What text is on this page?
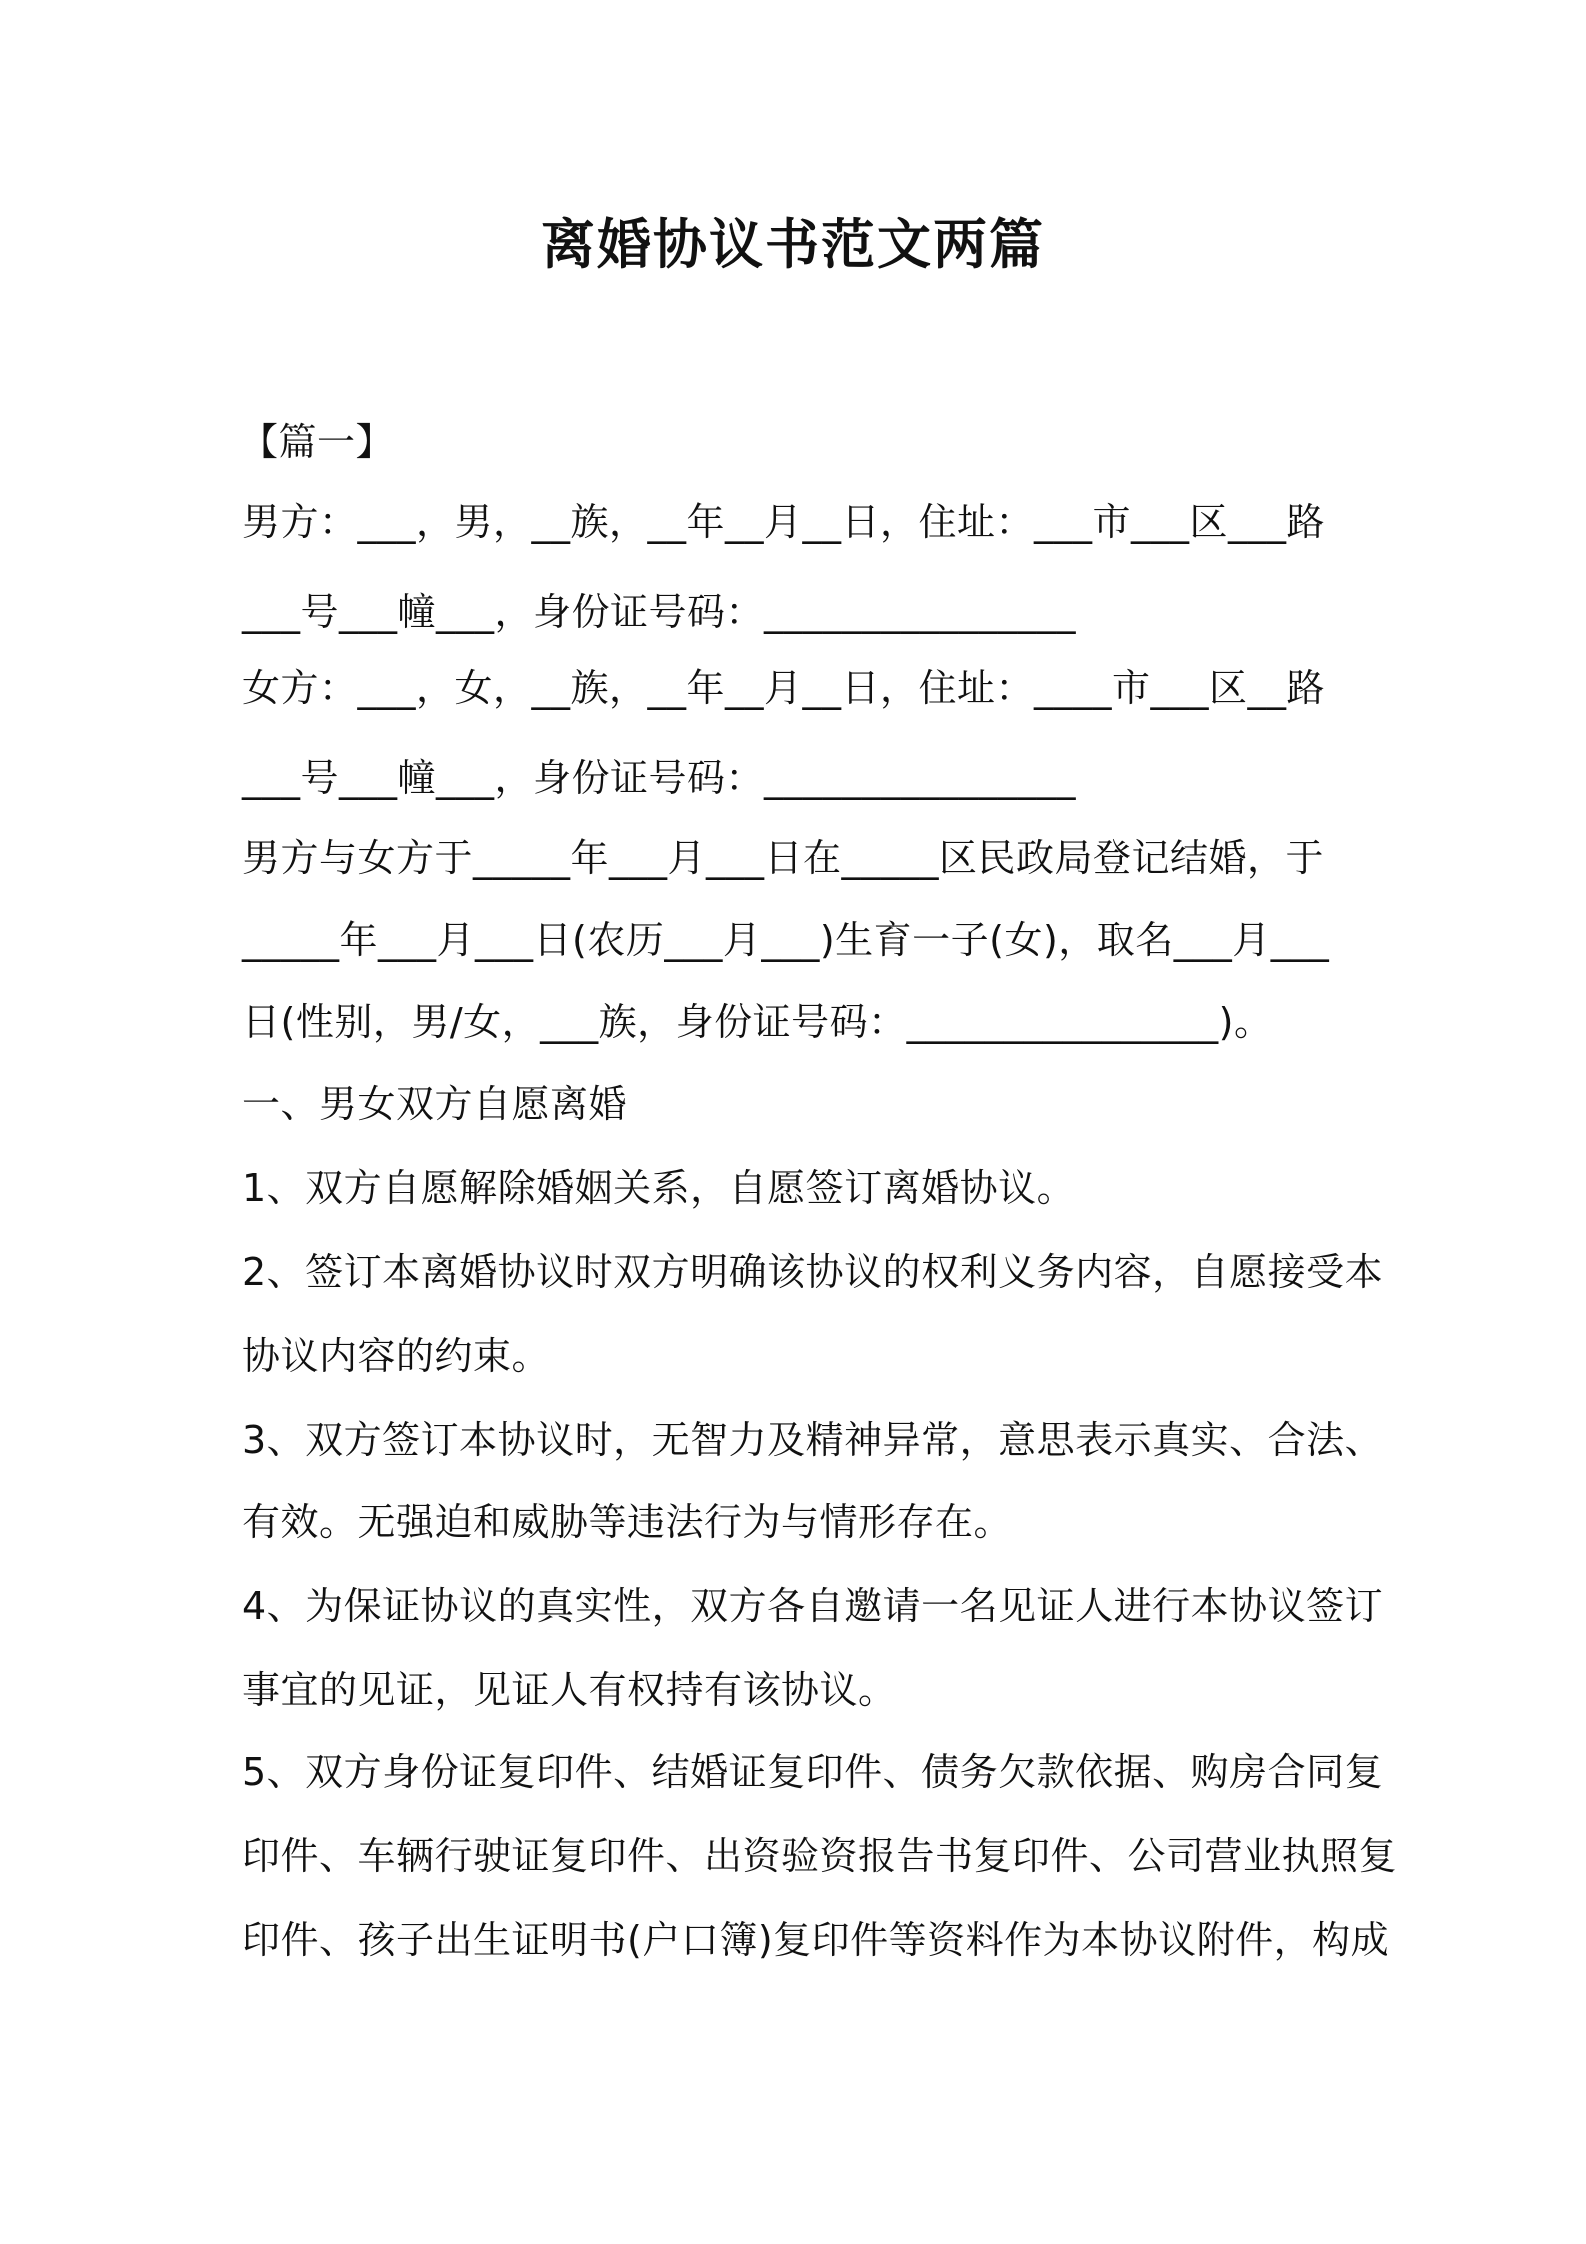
离婚协议书范文两篇
【篇一】
男方：___，男，__族，__年__月__日，住址：___市___区___路
___号___幢___，身份证号码：________________
女方：___，女，__族，__年__月__日，住址：____市___区__路
___号___幢___，身份证号码：________________
男方与女方于_____年___月___日在_____区民政局登记结婚，于
_____年___月___日(农历___月___)生育一子(女)，取名___月___
日(性别，男/女，___族，身份证号码：________________)。
一、男女双方自愿离婚
1、双方自愿解除婚姻关系，自愿签订离婚协议。
2、签订本离婚协议时双方明确该协议的权利义务内容，自愿接受本
协议内容的约束。
3、双方签订本协议时，无智力及精神异常，意思表示真实、合法、
有效。无强迫和威胁等违法行为与情形存在。
4、为保证协议的真实性，双方各自邀请一名见证人进行本协议签订
事宜的见证，见证人有权持有该协议。
5、双方身份证复印件、结婚证复印件、债务欠款依据、购房合同复
印件、车辆行驶证复印件、出资验资报告书复印件、公司营业执照复
印件、孩子出生证明书(户口簿)复印件等资料作为本协议附件，构成
